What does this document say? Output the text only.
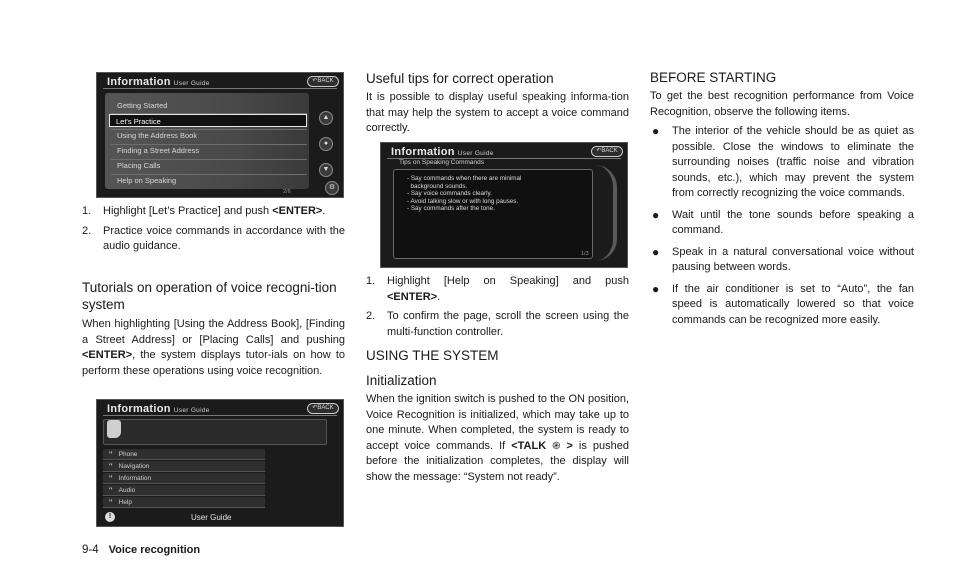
Information User Guide	↶BACK
Getting Started
Let's Practice
Using the Address Book
Finding a Street Address
Placing Calls
Help on Speaking
▲
●
▼
⚙
2/6
1. Highlight [Let’s Practice] and push <ENTER>.
2. Practice voice commands in accordance with the audio guidance.
Tutorials on operation of voice recogni-tion system

When highlighting [Using the Address Book], [Finding a Street Address] or [Placing Calls] and pushing <ENTER>, the system displays tutor-ials on how to perform these operations using voice recognition.

Information User Guide	↶BACK
‛‛ Phone
‛‛ Navigation
‛‛ Information
‛‛ Audio
‛‛ Help
!	User Guide
Useful tips for correct operation

It is possible to display useful speaking informa-tion that may help the system to accept a voice command correctly.

Information User Guide	↶BACK
Tips on Speaking Commands
- Say commands when there are minimal
background sounds.
- Say voice commands clearly.
- Avoid talking slow or with long pauses.
- Say commands after the tone.
1/3
1. Highlight [Help on Speaking] and push <ENTER>.
2. To confirm the page, scroll the screen using the multi-function controller.
USING THE SYSTEM
Initialization

When the ignition switch is pushed to the ON position, Voice Recognition is initialized, which may take up to one minute. When completed, the system is ready to accept voice commands. If <TALK ֎ > is pushed before the initialization completes, the display will show the message: “System not ready”.

BEFORE STARTING

To get the best recognition performance from Voice Recognition, observe the following items.

● The interior of the vehicle should be as quiet as possible. Close the windows to eliminate the surrounding noises (traffic noise and vibration sounds, etc.), which may prevent the system from correctly recognizing the voice commands.
● Wait until the tone sounds before speaking a command.
● Speak in a natural conversational voice without pausing between words.
● If the air conditioner is set to “Auto”, the fan speed is automatically lowered so that voice commands can be recognized more easily.
9-4 Voice recognition
